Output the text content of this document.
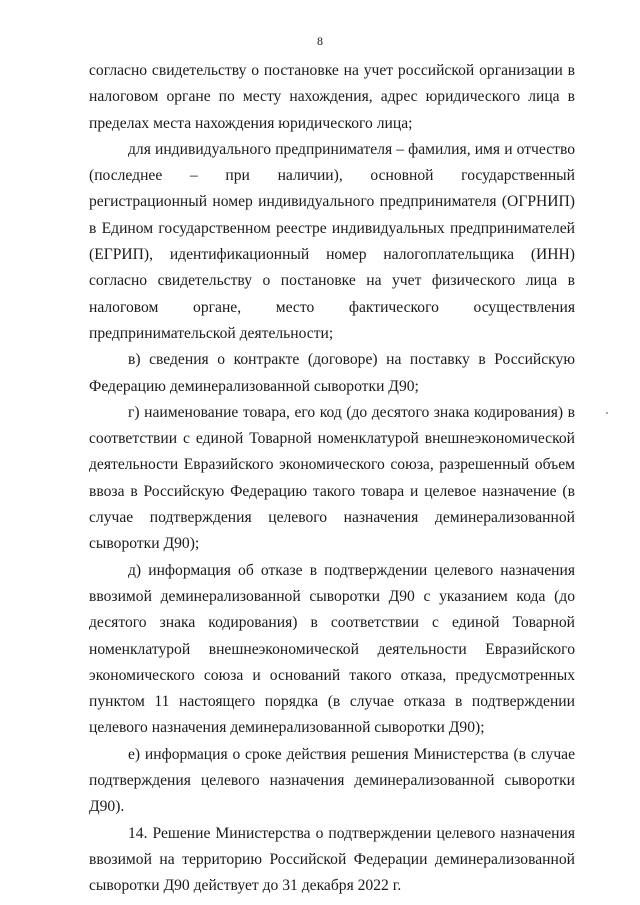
8

согласно свидетельству о постановке на учет российской организации в налоговом органе по месту нахождения, адрес юридического лица в пределах места нахождения юридического лица;

для индивидуального предпринимателя – фамилия, имя и отчество (последнее – при наличии), основной государственный регистрационный номер индивидуального предпринимателя (ОГРНИП) в Едином государственном реестре индивидуальных предпринимателей (ЕГРИП), идентификационный номер налогоплательщика (ИНН) согласно свидетельству о постановке на учет физического лица в налоговом органе, место фактического осуществления предпринимательской деятельности;

в) сведения о контракте (договоре) на поставку в Российскую Федерацию деминерализованной сыворотки Д90;

г) наименование товара, его код (до десятого знака кодирования) в соответствии с единой Товарной номенклатурой внешнеэкономической деятельности Евразийского экономического союза, разрешенный объем ввоза в Российскую Федерацию такого товара и целевое назначение (в случае подтверждения целевого назначения деминерализованной сыворотки Д90);

д) информация об отказе в подтверждении целевого назначения ввозимой деминерализованной сыворотки Д90 с указанием кода (до десятого знака кодирования) в соответствии с единой Товарной номенклатурой внешнеэкономической деятельности Евразийского экономического союза и оснований такого отказа, предусмотренных пунктом 11 настоящего порядка (в случае отказа в подтверждении целевого назначения деминерализованной сыворотки Д90);

е) информация о сроке действия решения Министерства (в случае подтверждения целевого назначения деминерализованной сыворотки Д90).

14. Решение Министерства о подтверждении целевого назначения ввозимой на территорию Российской Федерации деминерализованной сыворотки Д90 действует до 31 декабря 2022 г.
